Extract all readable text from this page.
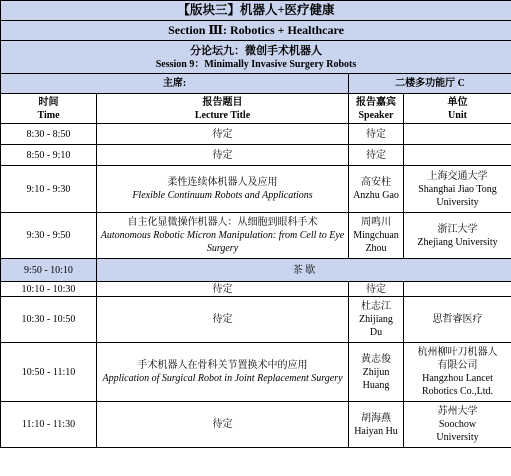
【版块三】机器人+医疗健康			
Section Ⅲ: Robotics + Healthcare			

分论坛九：微创手术机器人
Session 9：Minimally Invasive Surgery Robots			

主席:		二楼多功能厅 C	

时间
Time	报告题目
Lecture Title	报告嘉宾
Speaker	单位
Unit

8:30 - 8:50	待定	待定	

8:50 - 9:10	待定	待定	

9:10 - 9:30	柔性连续体机器人及应用
Flexible Continuum Robots and Applications	高安柱
Anzhu Gao	上海交通大学
Shanghai Jiao Tong
University

9:30 - 9:50	自主化显微操作机器人：从细胞到眼科手术
Autonomous Robotic Micron Manipulation: from Cell to Eye Surgery	周鸣川
Mingchuan
Zhou	浙江大学
Zhejiang University

9:50 - 10:10	茶 歇		
10:10 - 10:30	待定	待定	

10:30 - 10:50	待定	杜志江
Zhijiang
Du	思哲睿医疗

10:50 - 11:10	手术机器人在骨科关节置换术中的应用
Application of Surgical Robot in Joint Replacement Surgery	黄志俊
Zhijun
Huang	杭州柳叶刀机器人
有限公司
Hangzhou Lancet
Robotics Co.,Ltd.

11:10 - 11:30	待定	胡海燕
Haiyan Hu	苏州大学
Soochow
University
